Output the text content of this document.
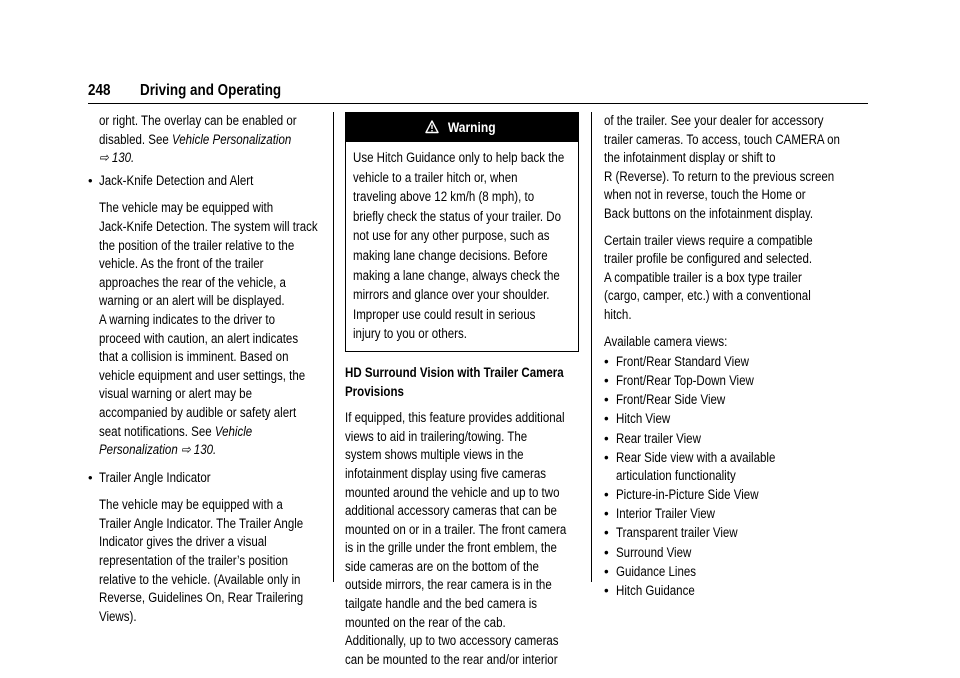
248 Driving and Operating
or right. The overlay can be enabled or
disabled. See Vehicle Personalization
⇨ 130.
• Jack-Knife Detection and Alert
The vehicle may be equipped with
Jack-Knife Detection. The system will track
the position of the trailer relative to the
vehicle. As the front of the trailer
approaches the rear of the vehicle, a
warning or an alert will be displayed.
A warning indicates to the driver to
proceed with caution, an alert indicates
that a collision is imminent. Based on
vehicle equipment and user settings, the
visual warning or alert may be
accompanied by audible or safety alert
seat notifications. See Vehicle
Personalization ⇨ 130.
• Trailer Angle Indicator
The vehicle may be equipped with a
Trailer Angle Indicator. The Trailer Angle
Indicator gives the driver a visual
representation of the trailer’s position
relative to the vehicle. (Available only in
Reverse, Guidelines On, Rear Trailering
Views).
Warning
Use Hitch Guidance only to help back the
vehicle to a trailer hitch or, when
traveling above 12 km/h (8 mph), to
briefly check the status of your trailer. Do
not use for any other purpose, such as
making lane change decisions. Before
making a lane change, always check the
mirrors and glance over your shoulder.
Improper use could result in serious
injury to you or others.

HD Surround Vision with Trailer Camera
Provisions

If equipped, this feature provides additional
views to aid in trailering/towing. The
system shows multiple views in the
infotainment display using five cameras
mounted around the vehicle and up to two
additional accessory cameras that can be
mounted on or in a trailer. The front camera
is in the grille under the front emblem, the
side cameras are on the bottom of the
outside mirrors, the rear camera is in the
tailgate handle and the bed camera is
mounted on the rear of the cab.
Additionally, up to two accessory cameras
can be mounted to the rear and/or interior

of the trailer. See your dealer for accessory
trailer cameras. To access, touch CAMERA on
the infotainment display or shift to
R (Reverse). To return to the previous screen
when not in reverse, touch the Home or
Back buttons on the infotainment display.

Certain trailer views require a compatible
trailer profile be configured and selected.
A compatible trailer is a box type trailer
(cargo, camper, etc.) with a conventional
hitch.

Available camera views:

• Front/Rear Standard View
• Front/Rear Top-Down View
• Front/Rear Side View
• Hitch View
• Rear trailer View
• Rear Side view with a available
articulation functionality
• Picture-in-Picture Side View
• Interior Trailer View
• Transparent trailer View
• Surround View
• Guidance Lines
• Hitch Guidance
